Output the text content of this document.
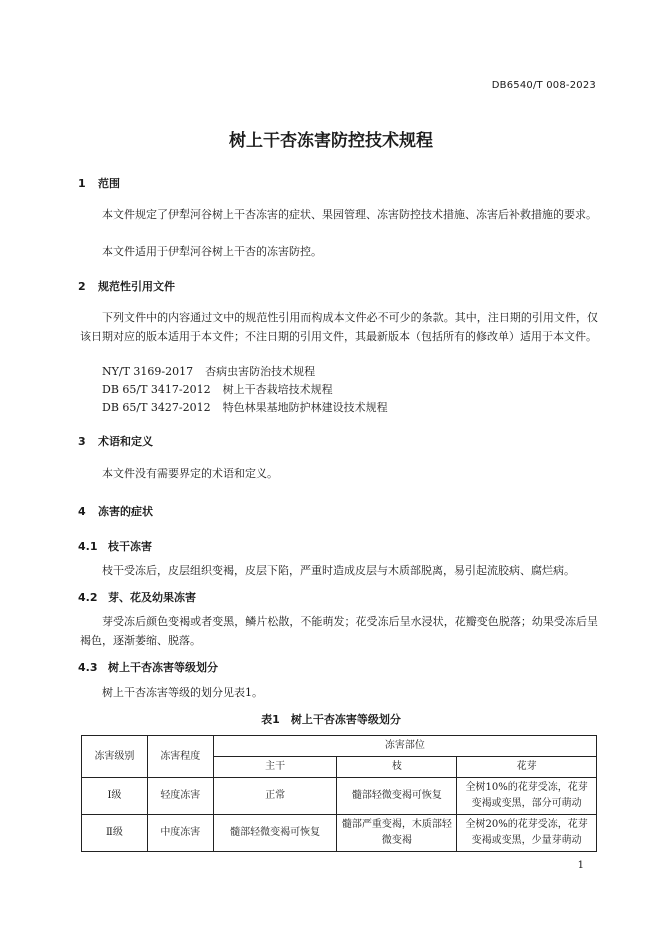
DB6540/T 008-2023
树上干杏冻害防控技术规程
1 范围

本文件规定了伊犁河谷树上干杏冻害的症状、果园管理、冻害防控技术措施、冻害后补救措施的要求。

本文件适用于伊犁河谷树上干杏的冻害防控。

2 规范性引用文件

下列文件中的内容通过文中的规范性引用而构成本文件必不可少的条款。其中，注日期的引用文件，仅该日期对应的版本适用于本文件；不注日期的引用文件，其最新版本（包括所有的修改单）适用于本文件。

NY/T 3169-2017 杏病虫害防治技术规程
DB 65/T 3417-2012 树上干杏栽培技术规程
DB 65/T 3427-2012 特色林果基地防护林建设技术规程
3 术语和定义

本文件没有需要界定的术语和定义。

4 冻害的症状
4.1 枝干冻害

枝干受冻后，皮层组织变褐，皮层下陷，严重时造成皮层与木质部脱离，易引起流胶病、腐烂病。

4.2 芽、花及幼果冻害

芽受冻后颜色变褐或者变黑，鳞片松散，不能萌发；花受冻后呈水浸状，花瓣变色脱落；幼果受冻后呈褐色，逐渐萎缩、脱落。

4.3 树上干杏冻害等级划分

树上干杏冻害等级的划分见表1。

表1　树上干杏冻害等级划分
冻害级别	冻害程度	冻害部位		
		主干	枝	花芽
Ⅰ级	轻度冻害	正常	髓部轻微变褐可恢复	全树10%的花芽受冻，花芽变褐或变黑，部分可萌动
Ⅱ级	中度冻害	髓部轻微变褐可恢复	髓部严重变褐，木质部轻微变褐	全树20%的花芽受冻，花芽变褐或变黑，少量芽萌动
1
